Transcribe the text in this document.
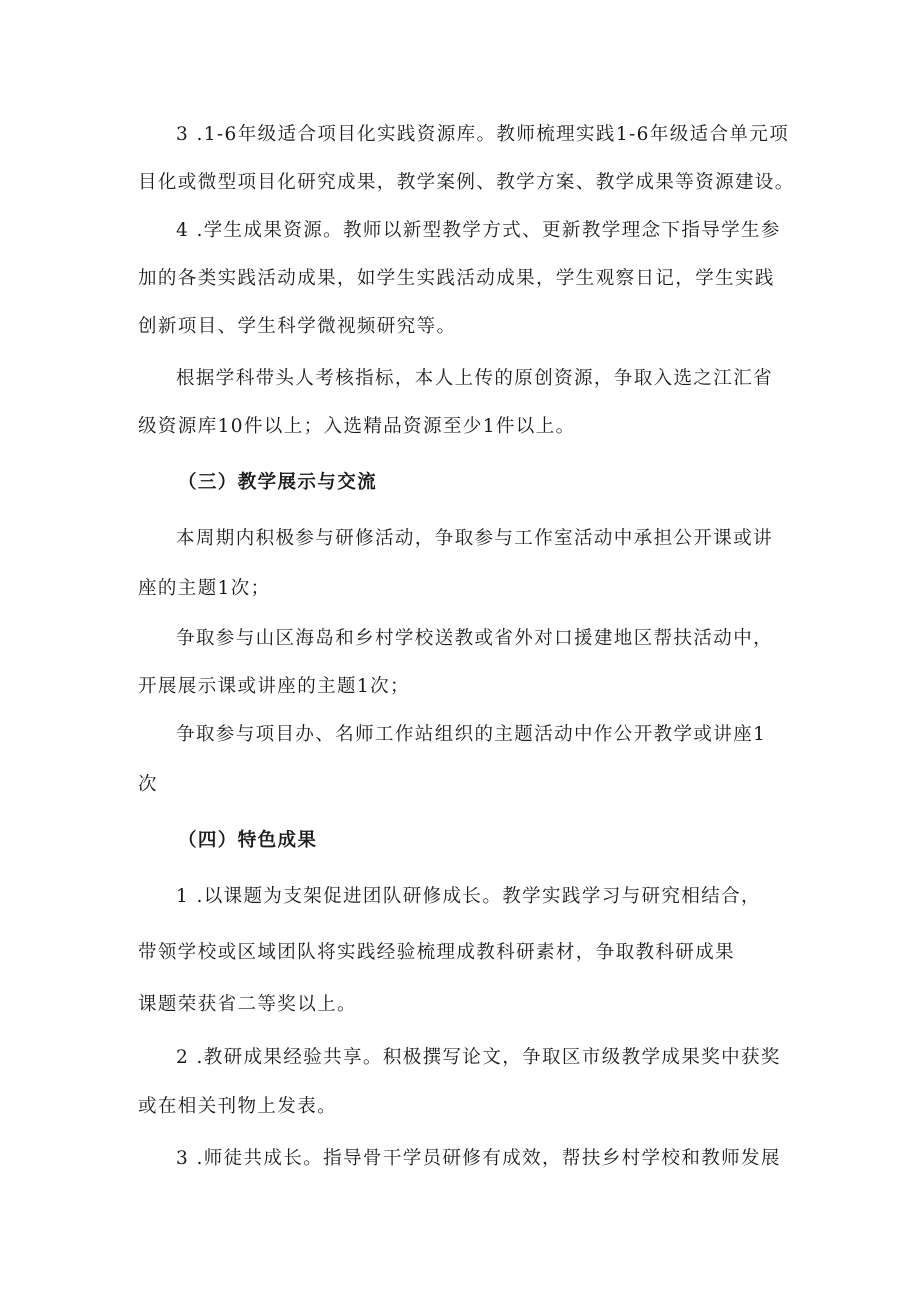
3 .1-6年级适合项目化实践资源库。教师梳理实践1-6年级适合单元项
目化或微型项目化研究成果，教学案例、教学方案、教学成果等资源建设。
4 .学生成果资源。教师以新型教学方式、更新教学理念下指导学生参
加的各类实践活动成果，如学生实践活动成果，学生观察日记，学生实践
创新项目、学生科学微视频研究等。
根据学科带头人考核指标，本人上传的原创资源，争取入选之江汇省
级资源库10件以上；入选精品资源至少1件以上。
（三）教学展示与交流
本周期内积极参与研修活动，争取参与工作室活动中承担公开课或讲
座的主题1次；
争取参与山区海岛和乡村学校送教或省外对口援建地区帮扶活动中，
开展展示课或讲座的主题1次；
争取参与项目办、名师工作站组织的主题活动中作公开教学或讲座1
次
（四）特色成果
1 .以课题为支架促进团队研修成长。教学实践学习与研究相结合，
带领学校或区域团队将实践经验梳理成教科研素材，争取教科研成果
课题荣获省二等奖以上。
2 .教研成果经验共享。积极撰写论文，争取区市级教学成果奖中获奖
或在相关刊物上发表。
3 .师徒共成长。指导骨干学员研修有成效，帮扶乡村学校和教师发展
